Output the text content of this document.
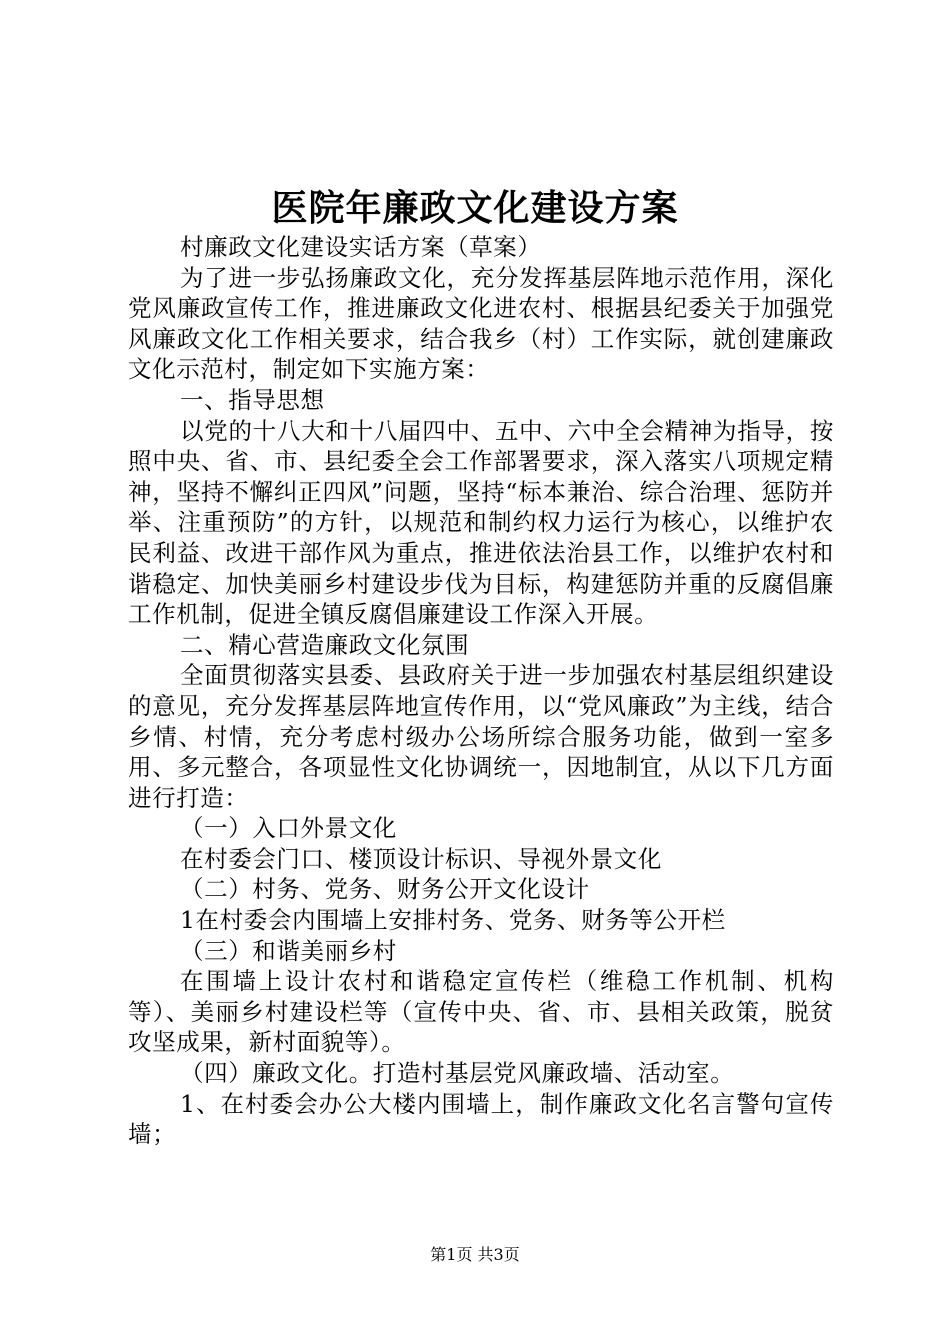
医院年廉政文化建设方案

村廉政文化建设实话方案（草案）

为了进一步弘扬廉政文化，充分发挥基层阵地示范作用，深化党风廉政宣传工作，推进廉政文化进农村、根据县纪委关于加强党风廉政文化工作相关要求，结合我乡（村）工作实际，就创建廉政文化示范村，制定如下实施方案：

一、指导思想

以党的十八大和十八届四中、五中、六中全会精神为指导，按照中央、省、市、县纪委全会工作部署要求，深入落实八项规定精神，坚持不懈纠正四风”问题，坚持“标本兼治、综合治理、惩防并举、注重预防”的方针，以规范和制约权力运行为核心，以维护农民利益、改进干部作风为重点，推进依法治县工作，以维护农村和谐稳定、加快美丽乡村建设步伐为目标，构建惩防并重的反腐倡廉工作机制，促进全镇反腐倡廉建设工作深入开展。

二、精心营造廉政文化氛围

全面贯彻落实县委、县政府关于进一步加强农村基层组织建设的意见，充分发挥基层阵地宣传作用，以“党风廉政”为主线，结合乡情、村情，充分考虑村级办公场所综合服务功能，做到一室多用、多元整合，各项显性文化协调统一，因地制宜，从以下几方面进行打造：

（一）入口外景文化

在村委会门口、楼顶设计标识、导视外景文化

（二）村务、党务、财务公开文化设计

1在村委会内围墙上安排村务、党务、财务等公开栏

（三）和谐美丽乡村

在围墙上设计农村和谐稳定宣传栏（维稳工作机制、机构等）、美丽乡村建设栏等（宣传中央、省、市、县相关政策，脱贫攻坚成果，新村面貌等）。

（四）廉政文化。打造村基层党风廉政墙、活动室。

1、在村委会办公大楼内围墙上，制作廉政文化名言警句宣传墙；

第1页 共3页
